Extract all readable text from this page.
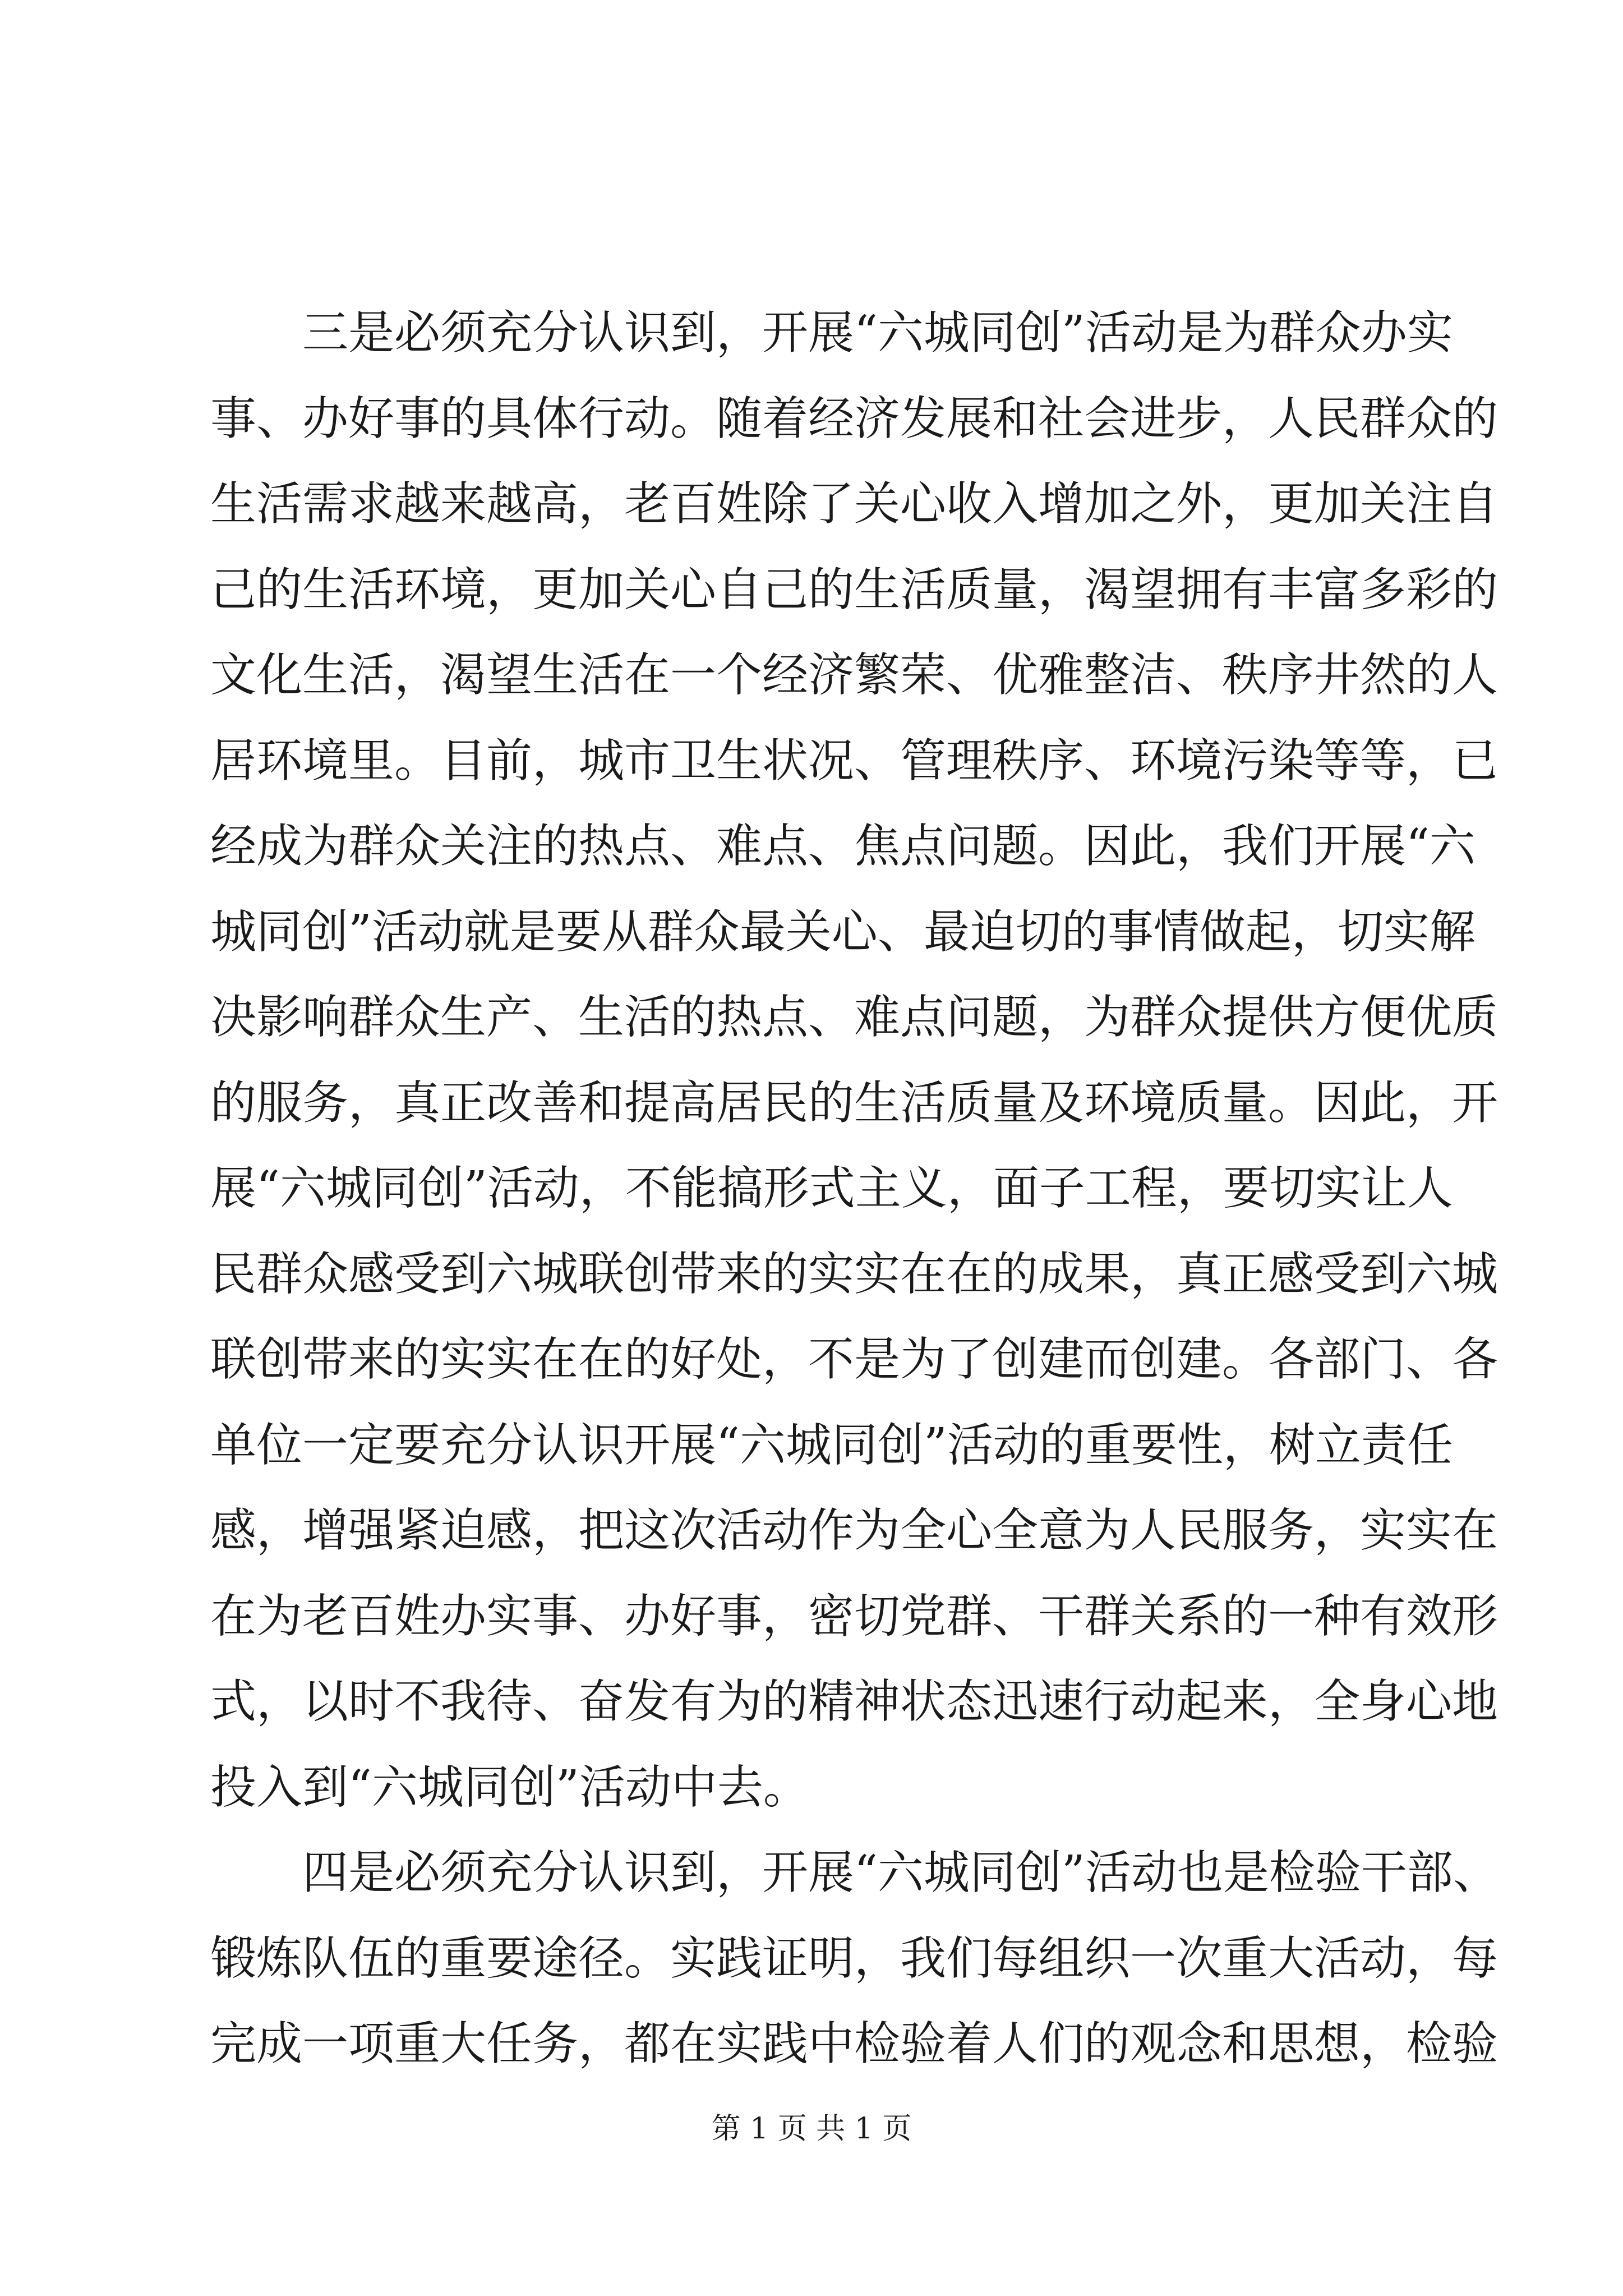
三是必须充分认识到，开展“六城同创”活动是为群众办实
事、办好事的具体行动。随着经济发展和社会进步，人民群众的
生活需求越来越高，老百姓除了关心收入增加之外，更加关注自
己的生活环境，更加关心自己的生活质量，渴望拥有丰富多彩的
文化生活，渴望生活在一个经济繁荣、优雅整洁、秩序井然的人
居环境里。目前，城市卫生状况、管理秩序、环境污染等等，已
经成为群众关注的热点、难点、焦点问题。因此，我们开展“六
城同创”活动就是要从群众最关心、最迫切的事情做起，切实解
决影响群众生产、生活的热点、难点问题，为群众提供方便优质
的服务，真正改善和提高居民的生活质量及环境质量。因此，开
展“六城同创”活动，不能搞形式主义，面子工程，要切实让人
民群众感受到六城联创带来的实实在在的成果，真正感受到六城
联创带来的实实在在的好处，不是为了创建而创建。各部门、各
单位一定要充分认识开展“六城同创”活动的重要性，树立责任
感，增强紧迫感，把这次活动作为全心全意为人民服务，实实在
在为老百姓办实事、办好事，密切党群、干群关系的一种有效形
式，以时不我待、奋发有为的精神状态迅速行动起来，全身心地
投入到“六城同创”活动中去。
四是必须充分认识到，开展“六城同创”活动也是检验干部、
锻炼队伍的重要途径。实践证明，我们每组织一次重大活动，每
完成一项重大任务，都在实践中检验着人们的观念和思想，检验
第 1 页 共 1 页
